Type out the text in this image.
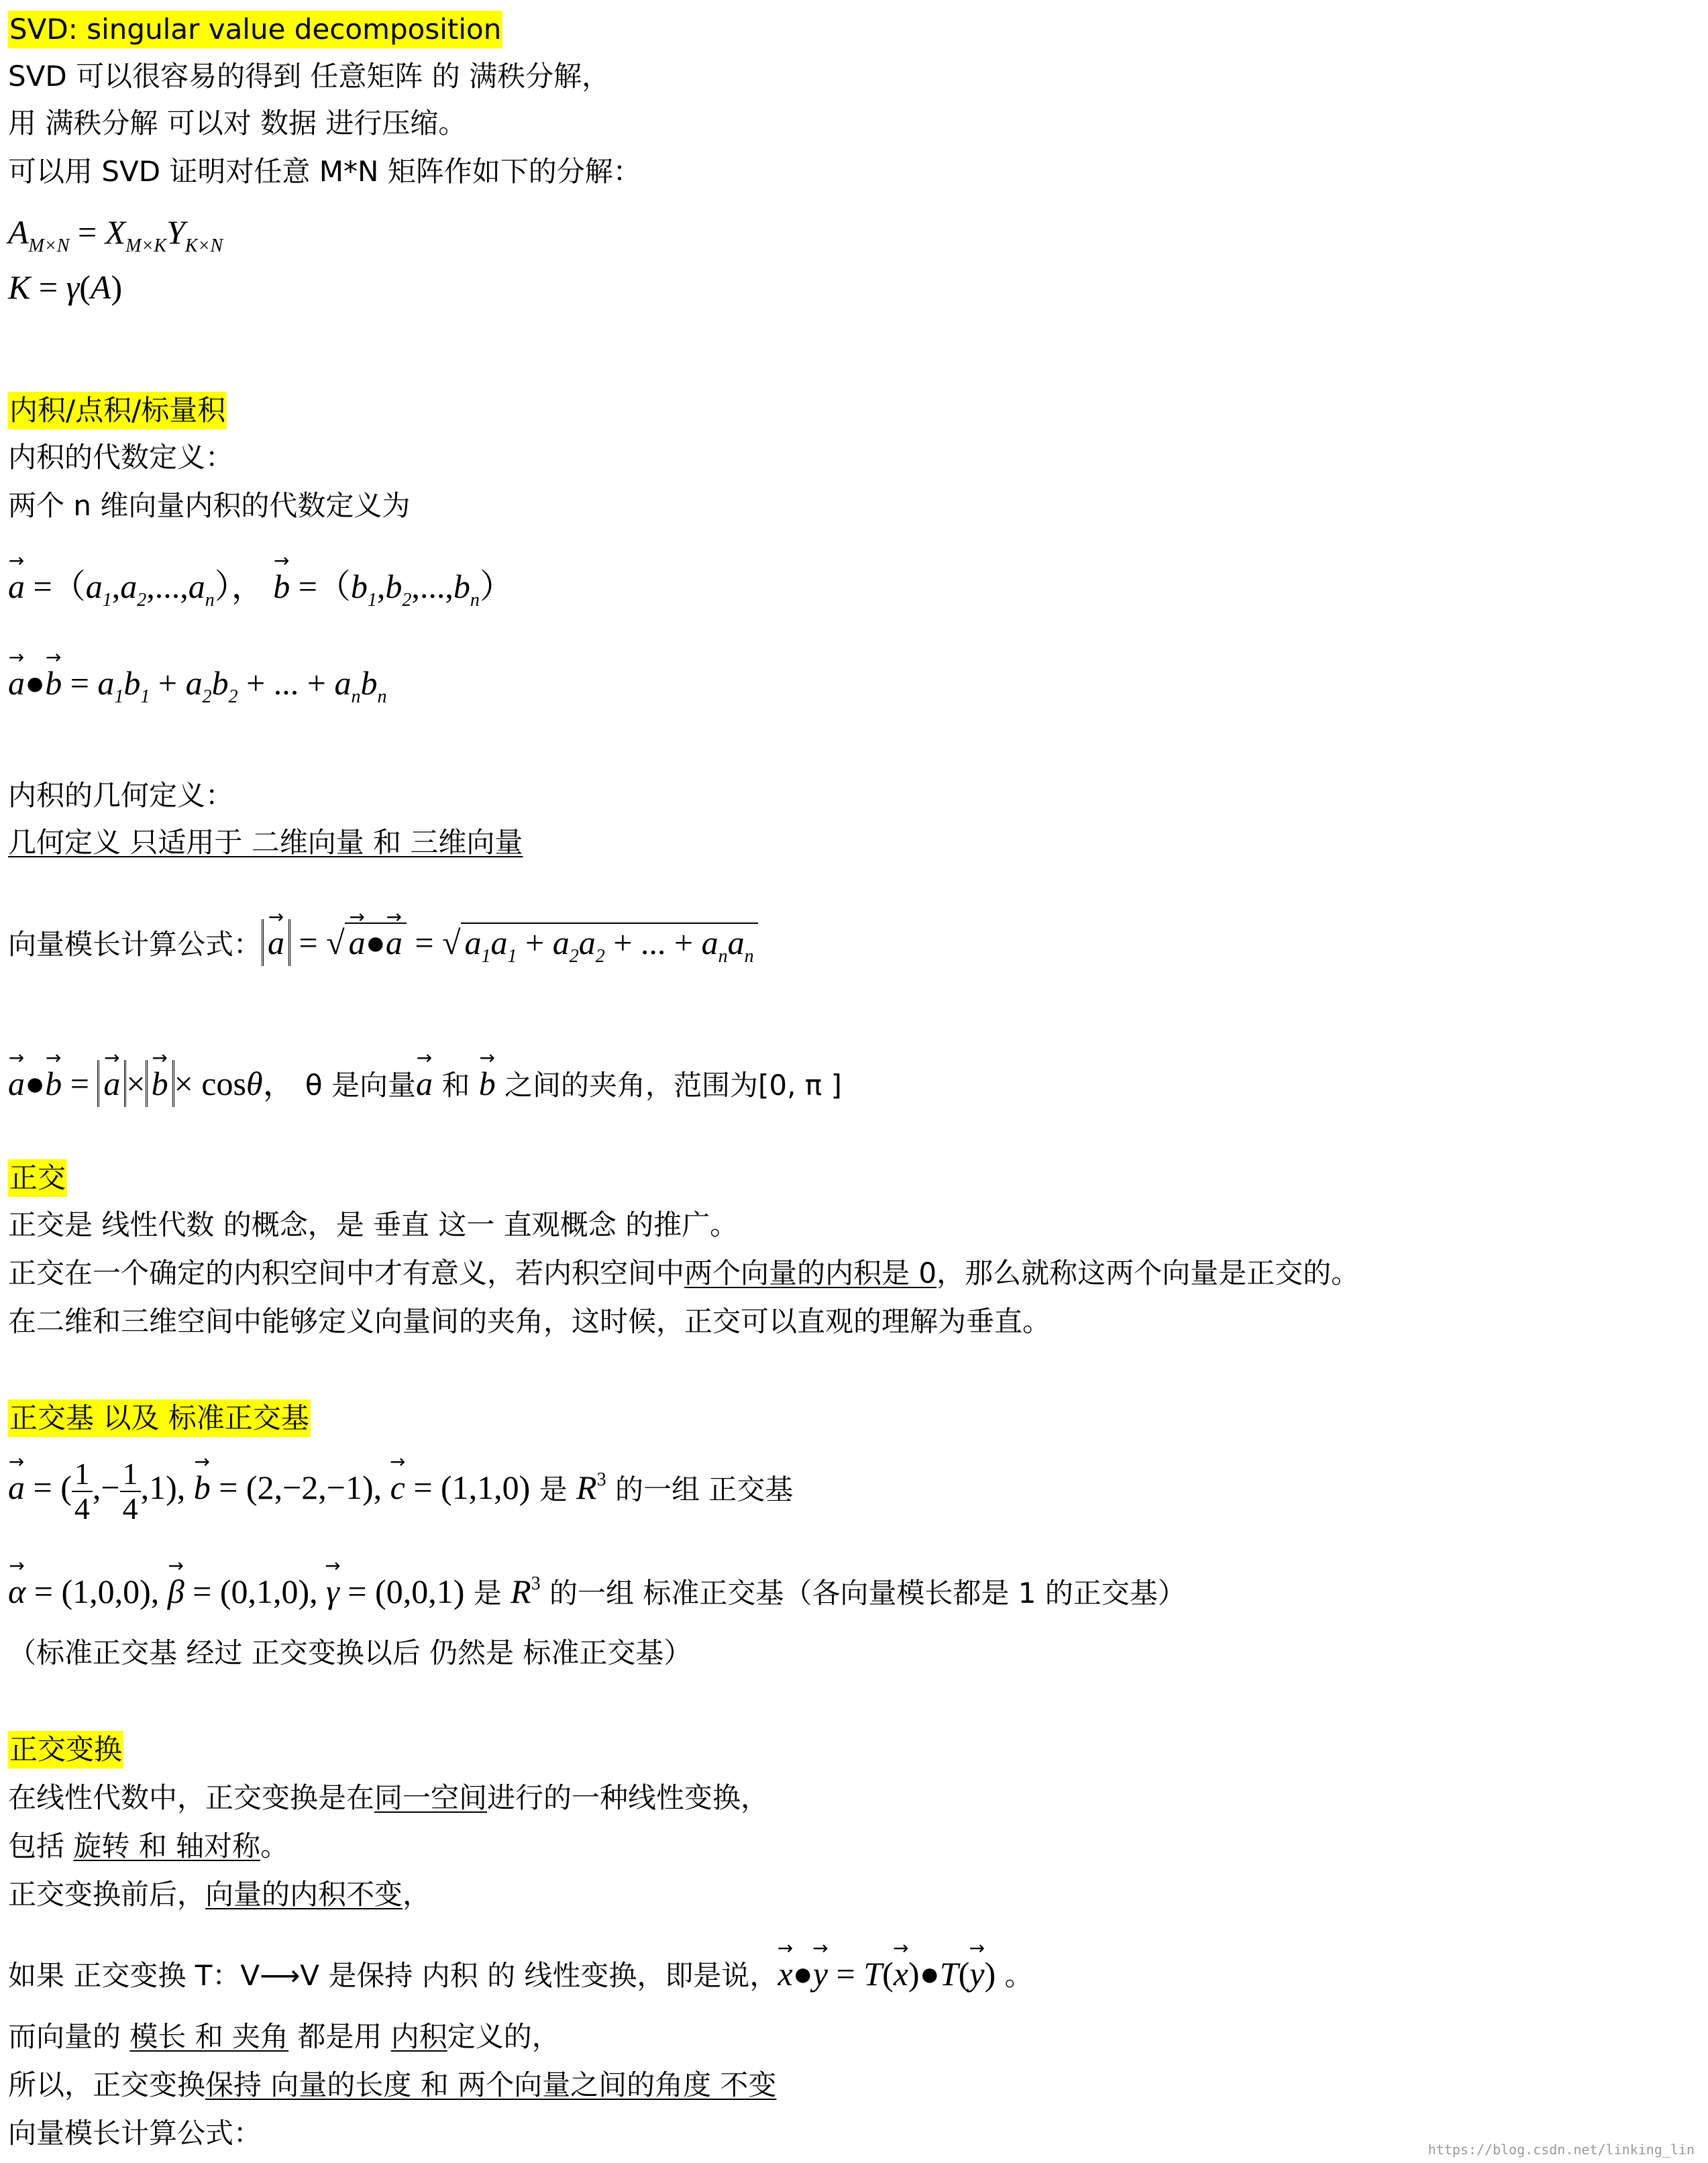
SVD: singular value decomposition
SVD 可以很容易的得到 任意矩阵 的 满秩分解，
用 满秩分解 可以对 数据 进行压缩。
可以用 SVD 证明对任意 M*N 矩阵作如下的分解：
$A_{M\times N} = X_{M\times K}Y_{K\times N}$
K = γ(A)
内积/点积/标量积
内积的代数定义：
两个 n 维向量内积的代数定义为
→ $a =(a_1,a_2,...,a_n)$， → $b =(b_1,b_2,...,b_n)$
→ a●→ $b = a_1b_1 + a_2b_2$ + ... + $a_nb_n$
内积的几何定义：
几何定义 只适用于 二维向量 和 三维向量
向量模长计算公式： → a = √ → a●→ a = √ $a_1a_1 + a_2a_2$ + ... + $a_na_n$
→ a●→ b = → a × → b × cosθ， θ 是向量→ a 和 → b 之间的夹角，范围为[0, π ]
正交
正交是 线性代数 的概念，是 垂直 这一 直观概念 的推广。
正交在一个确定的内积空间中才有意义，若内积空间中两个向量的内积是 0，那么就称这两个向量是正交的。
在二维和三维空间中能够定义向量间的夹角，这时候，正交可以直观的理解为垂直。
正交基 以及 标准正交基
→ a = ( $\frac{1}{4}$ ,− $\frac{1}{4} ,1$), → b = (2,−2,−1), → c = (1,1,0) 是 $R^3$ 的一组 正交基
→ α = (1,0,0), → β = (0,1,0), → γ = (0,0,1) 是 $R^3$ 的一组 标准正交基（各向量模长都是 1 的正交基）
（标准正交基 经过 正交变换以后 仍然是 标准正交基）
正交变换
在线性代数中，正交变换是在同一空间进行的一种线性变换，
包括 旋转 和 轴对称。
正交变换前后，向量的内积不变，
如果 正交变换 T：V⟶V 是保持 内积 的 线性变换，即是说，→ x●→ y = T(→ x)●T(→ y) 。
而向量的 模长 和 夹角 都是用 内积定义的，
所以，正交变换保持 向量的长度 和 两个向量之间的角度 不变
向量模长计算公式：	https://blog.csdn.net/linking_lin
